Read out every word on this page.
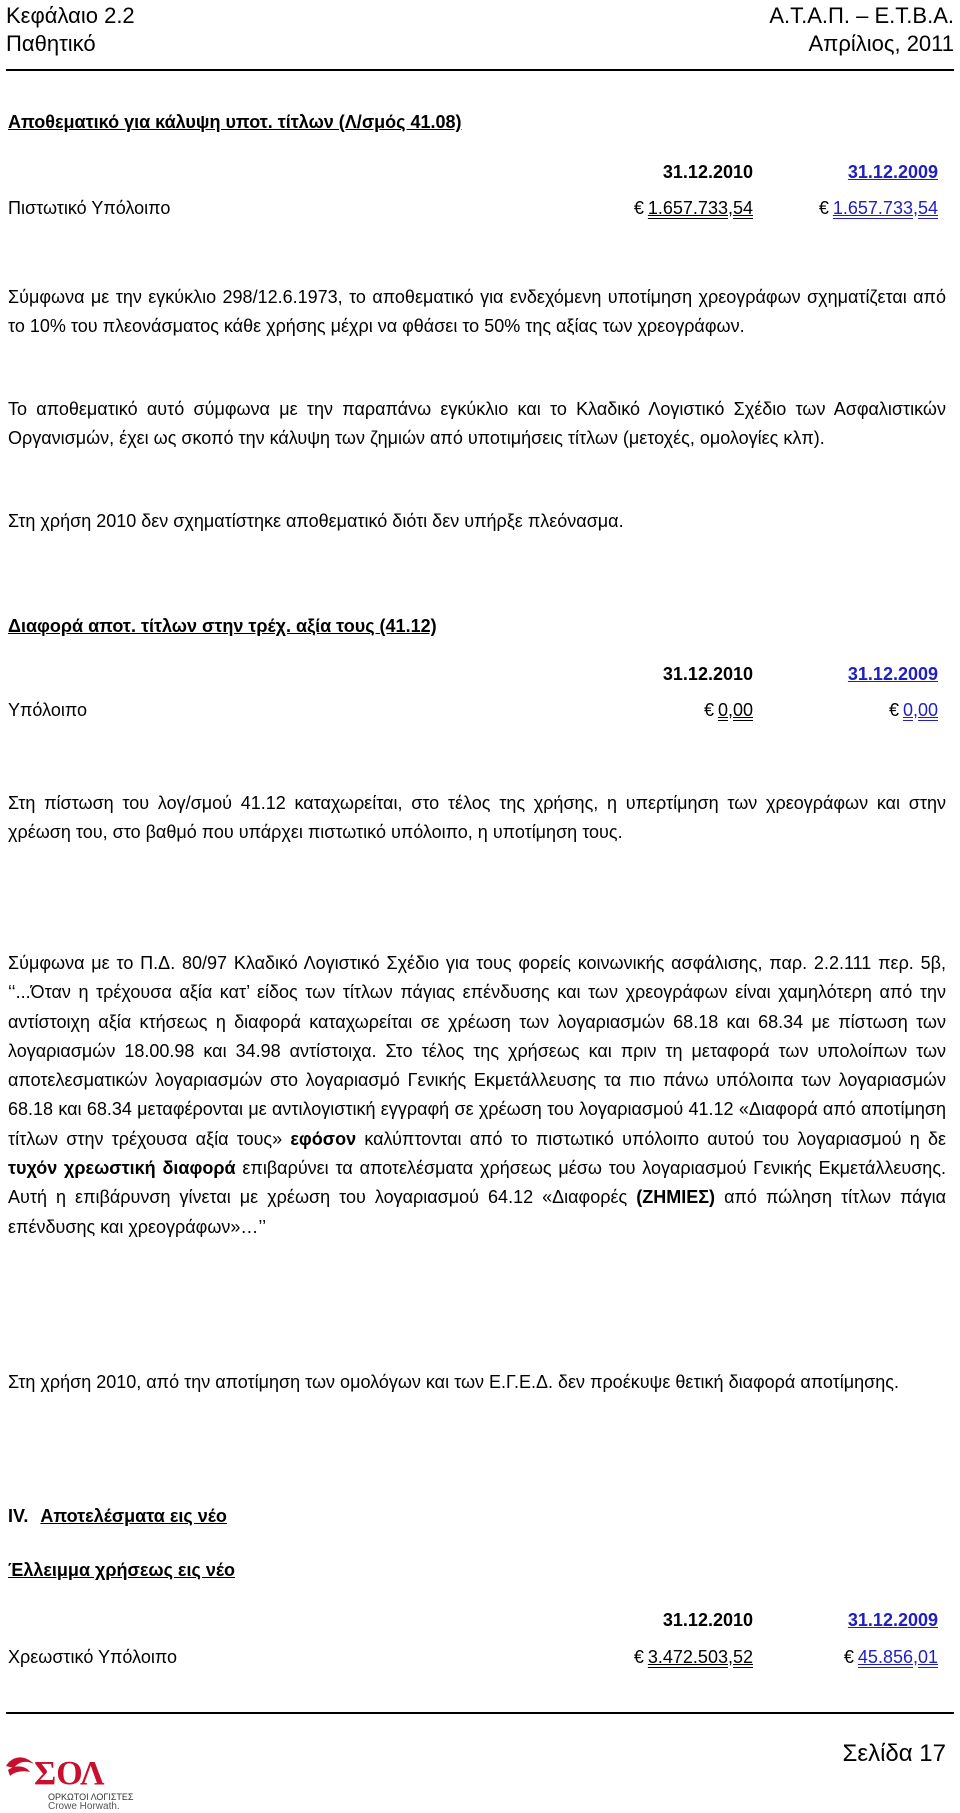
Κεφάλαιο 2.2	Α.Τ.Α.Π. – Ε.Τ.Β.Α.
Παθητικό	Απρίλιος, 2011
Αποθεματικό για κάλυψη υποτ. τίτλων (Λ/σμός 41.08)
31.12.2010	31.12.2009
Πιστωτικό Υπόλοιπο	€ 1.657.733,54	€ 1.657.733,54
Σύμφωνα με την εγκύκλιο 298/12.6.1973, το αποθεματικό για ενδεχόμενη υποτίμηση χρεογράφων σχηματίζεται από το 10% του πλεονάσματος κάθε χρήσης μέχρι να φθάσει το 50% της αξίας των χρεογράφων.
Το αποθεματικό αυτό σύμφωνα με την παραπάνω εγκύκλιο και το Κλαδικό Λογιστικό Σχέδιο των Ασφαλιστικών Οργανισμών, έχει ως σκοπό την κάλυψη των ζημιών από υποτιμήσεις τίτλων (μετοχές, ομολογίες κλπ).
Στη χρήση 2010 δεν σχηματίστηκε αποθεματικό διότι δεν υπήρξε πλεόνασμα.
Διαφορά αποτ. τίτλων στην τρέχ. αξία τους (41.12)
31.12.2010	31.12.2009
Υπόλοιπο	€ 0,00	€ 0,00
Στη πίστωση του λογ/σμού 41.12 καταχωρείται, στο τέλος της χρήσης, η υπερτίμηση των χρεογράφων και στην χρέωση του, στο βαθμό που υπάρχει πιστωτικό υπόλοιπο, η υποτίμηση τους.
Σύμφωνα με το Π.Δ. 80/97 Κλαδικό Λογιστικό Σχέδιο για τους φορείς κοινωνικής ασφάλισης, παρ. 2.2.111 περ. 5β, ‘‘...Όταν η τρέχουσα αξία κατ’ είδος των τίτλων πάγιας επένδυσης και των χρεογράφων είναι χαμηλότερη από την αντίστοιχη αξία κτήσεως η διαφορά καταχωρείται σε χρέωση των λογαριασμών 68.18 και 68.34 με πίστωση των λογαριασμών 18.00.98 και 34.98 αντίστοιχα. Στο τέλος της χρήσεως και πριν τη μεταφορά των υπολοίπων των αποτελεσματικών λογαριασμών στο λογαριασμό Γενικής Εκμετάλλευσης τα πιο πάνω υπόλοιπα των λογαριασμών 68.18 και 68.34 μεταφέρονται με αντιλογιστική εγγραφή σε χρέωση του λογαριασμού 41.12 «Διαφορά από αποτίμηση τίτλων στην τρέχουσα αξία τους» εφόσον καλύπτονται από το πιστωτικό υπόλοιπο αυτού του λογαριασμού η δε τυχόν χρεωστική διαφορά επιβαρύνει τα αποτελέσματα χρήσεως μέσω του λογαριασμού Γενικής Εκμετάλλευσης. Αυτή η επιβάρυνση γίνεται με χρέωση του λογαριασμού 64.12 «Διαφορές (ΖΗΜΙΕΣ) από πώληση τίτλων πάγια επένδυσης και χρεογράφων»…’’
Στη χρήση 2010, από την αποτίμηση των ομολόγων και των Ε.Γ.Ε.Δ. δεν προέκυψε θετική διαφορά αποτίμησης.
IV. Αποτελέσματα εις νέο
Έλλειμμα χρήσεως εις νέο
31.12.2010	31.12.2009
Χρεωστικό Υπόλοιπο	€ 3.472.503,52	€ 45.856,01
Σελίδα 17
ΣΟΛ
ΟΡΚΩΤΟΙ ΛΟΓΙΣΤΕΣ
Crowe Horwath.
